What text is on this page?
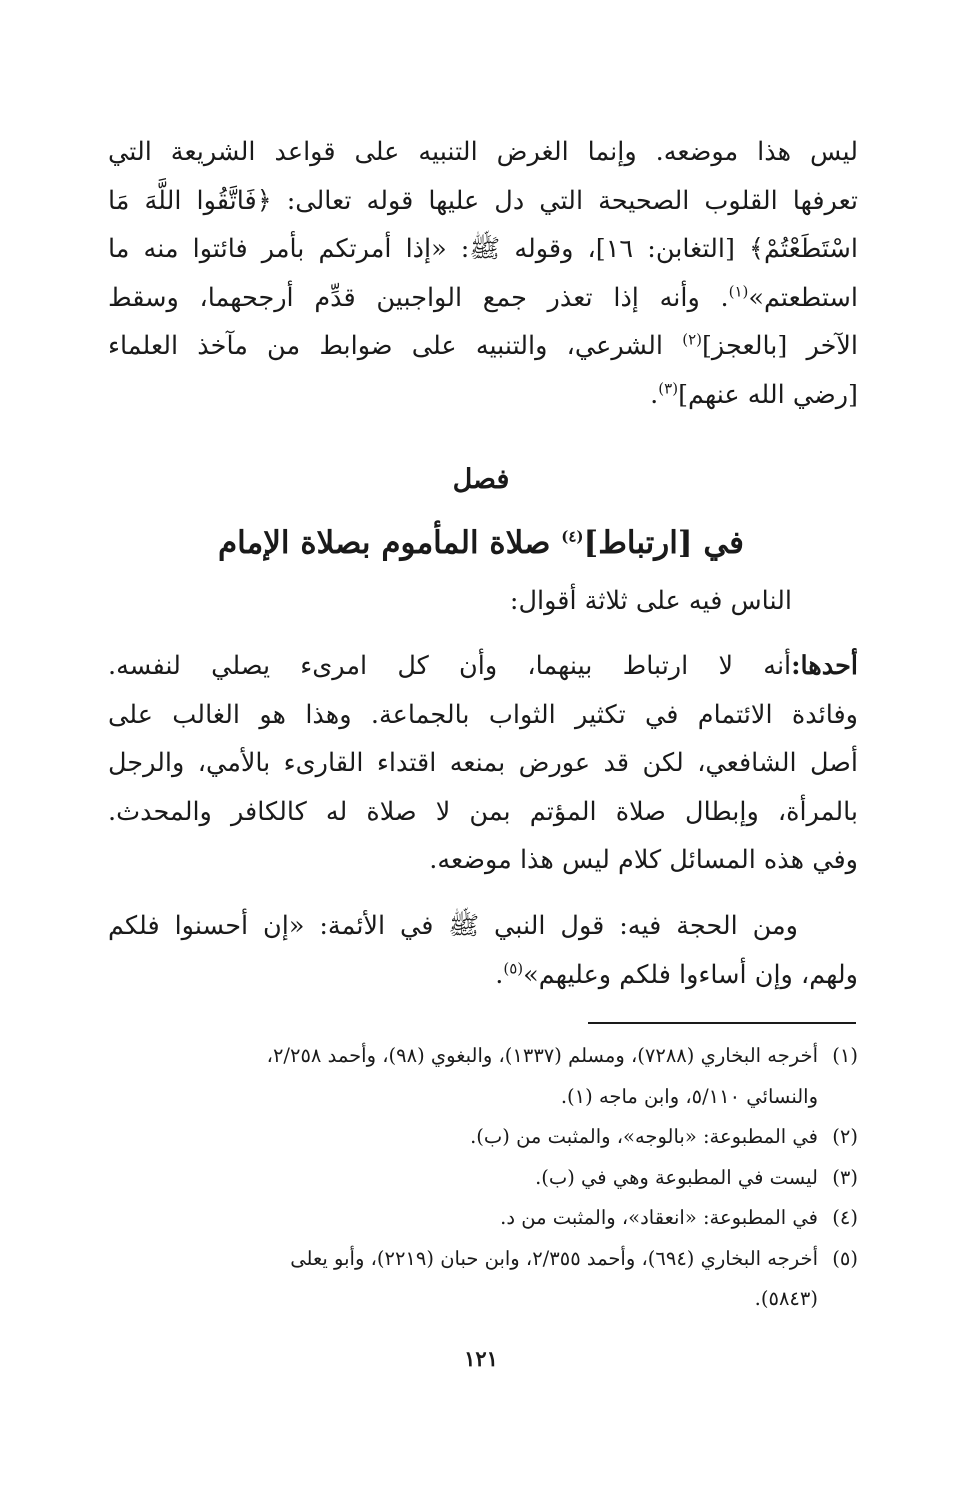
ليس هذا موضعه. وإنما الغرض التنبيه على قواعد الشريعة التي
تعرفها القلوب الصحيحة التي دل عليها قوله تعالى: ﴿فَاتَّقُوا اللَّهَ مَا
اسْتَطَعْتُمْ﴾ [التغابن: ١٦]، وقوله ﷺ: «إذا أمرتكم بأمر فائتوا منه ما
استطعتم»$^{(١)}$. وأنه إذا تعذر جمع الواجبين قدِّم أرجحهما، وسقط
الآخر [بالعجز]$^{(٢)}$ الشرعي، والتنبيه على ضوابط من مآخذ العلماء
[رضي الله عنهم]$^{(٣)}$.
فصل
في [ارتباط]$^{(٤)}$ صلاة المأموم بصلاة الإمام
الناس فيه على ثلاثة أقوال:
أحدها:أنه لا ارتباط بينهما، وأن كل امرىء يصلي لنفسه.
وفائدة الائتمام في تكثير الثواب بالجماعة. وهذا هو الغالب على
أصل الشافعي، لكن قد عورض بمنعه اقتداء القارىء بالأمي، والرجل
بالمرأة، وإبطال صلاة المؤتم بمن لا صلاة له كالكافر والمحدث.
وفي هذه المسائل كلام ليس هذا موضعه.
ومن الحجة فيه: قول النبي ﷺ في الأئمة: «إن أحسنوا فلكم
ولهم، وإن أساءوا فلكم وعليهم»$^{(٥)}$.
(١)
أخرجه البخاري (٧٢٨٨)، ومسلم (١٣٣٧)، والبغوي (٩٨)، وأحمد ٢/٢٥٨،
والنسائي ٥/١١٠، وابن ماجه (١).
(٢)
في المطبوعة: «بالوجه»، والمثبت من (ب).
(٣)
ليست في المطبوعة وهي في (ب).
(٤)
في المطبوعة: «انعقاد»، والمثبت من د.
(٥)
أخرجه البخاري (٦٩٤)، وأحمد ٢/٣٥٥، وابن حبان (٢٢١٩)، وأبو يعلى
(٥٨٤٣).
١٢١
